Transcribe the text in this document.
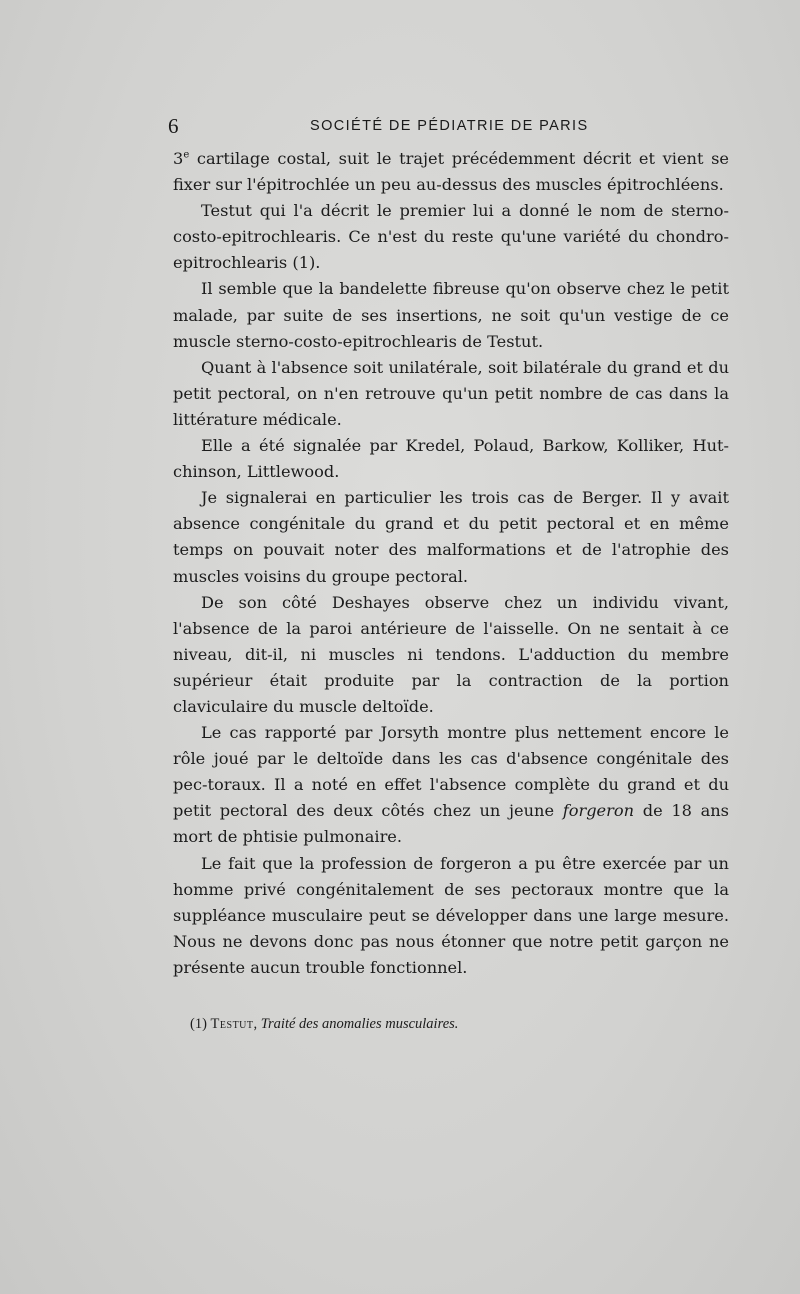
6	SOCIÉTÉ DE PÉDIATRIE DE PARIS

3e cartilage costal, suit le trajet précédemment décrit et vient se fixer sur l'épitrochlée un peu au-dessus des muscles épitrochléens.

Testut qui l'a décrit le premier lui a donné le nom de sterno-costo-epitrochlearis. Ce n'est du reste qu'une variété du chondro-epitrochlearis (1).

Il semble que la bandelette fibreuse qu'on observe chez le petit malade, par suite de ses insertions, ne soit qu'un vestige de ce muscle sterno-costo-epitrochlearis de Testut.

Quant à l'absence soit unilatérale, soit bilatérale du grand et du petit pectoral, on n'en retrouve qu'un petit nombre de cas dans la littérature médicale.

Elle a été signalée par Kredel, Polaud, Barkow, Kolliker, Hut-chinson, Littlewood.

Je signalerai en particulier les trois cas de Berger. Il y avait absence congénitale du grand et du petit pectoral et en même temps on pouvait noter des malformations et de l'atrophie des muscles voisins du groupe pectoral.

De son côté Deshayes observe chez un individu vivant, l'absence de la paroi antérieure de l'aisselle. On ne sentait à ce niveau, dit-il, ni muscles ni tendons. L'adduction du membre supérieur était produite par la contraction de la portion claviculaire du muscle deltoïde.

Le cas rapporté par Jorsyth montre plus nettement encore le rôle joué par le deltoïde dans les cas d'absence congénitale des pec-toraux. Il a noté en effet l'absence complète du grand et du petit pectoral des deux côtés chez un jeune forgeron de 18 ans mort de phtisie pulmonaire.

Le fait que la profession de forgeron a pu être exercée par un homme privé congénitalement de ses pectoraux montre que la suppléance musculaire peut se développer dans une large mesure. Nous ne devons donc pas nous étonner que notre petit garçon ne présente aucun trouble fonctionnel.

(1) Testut, Traité des anomalies musculaires.
